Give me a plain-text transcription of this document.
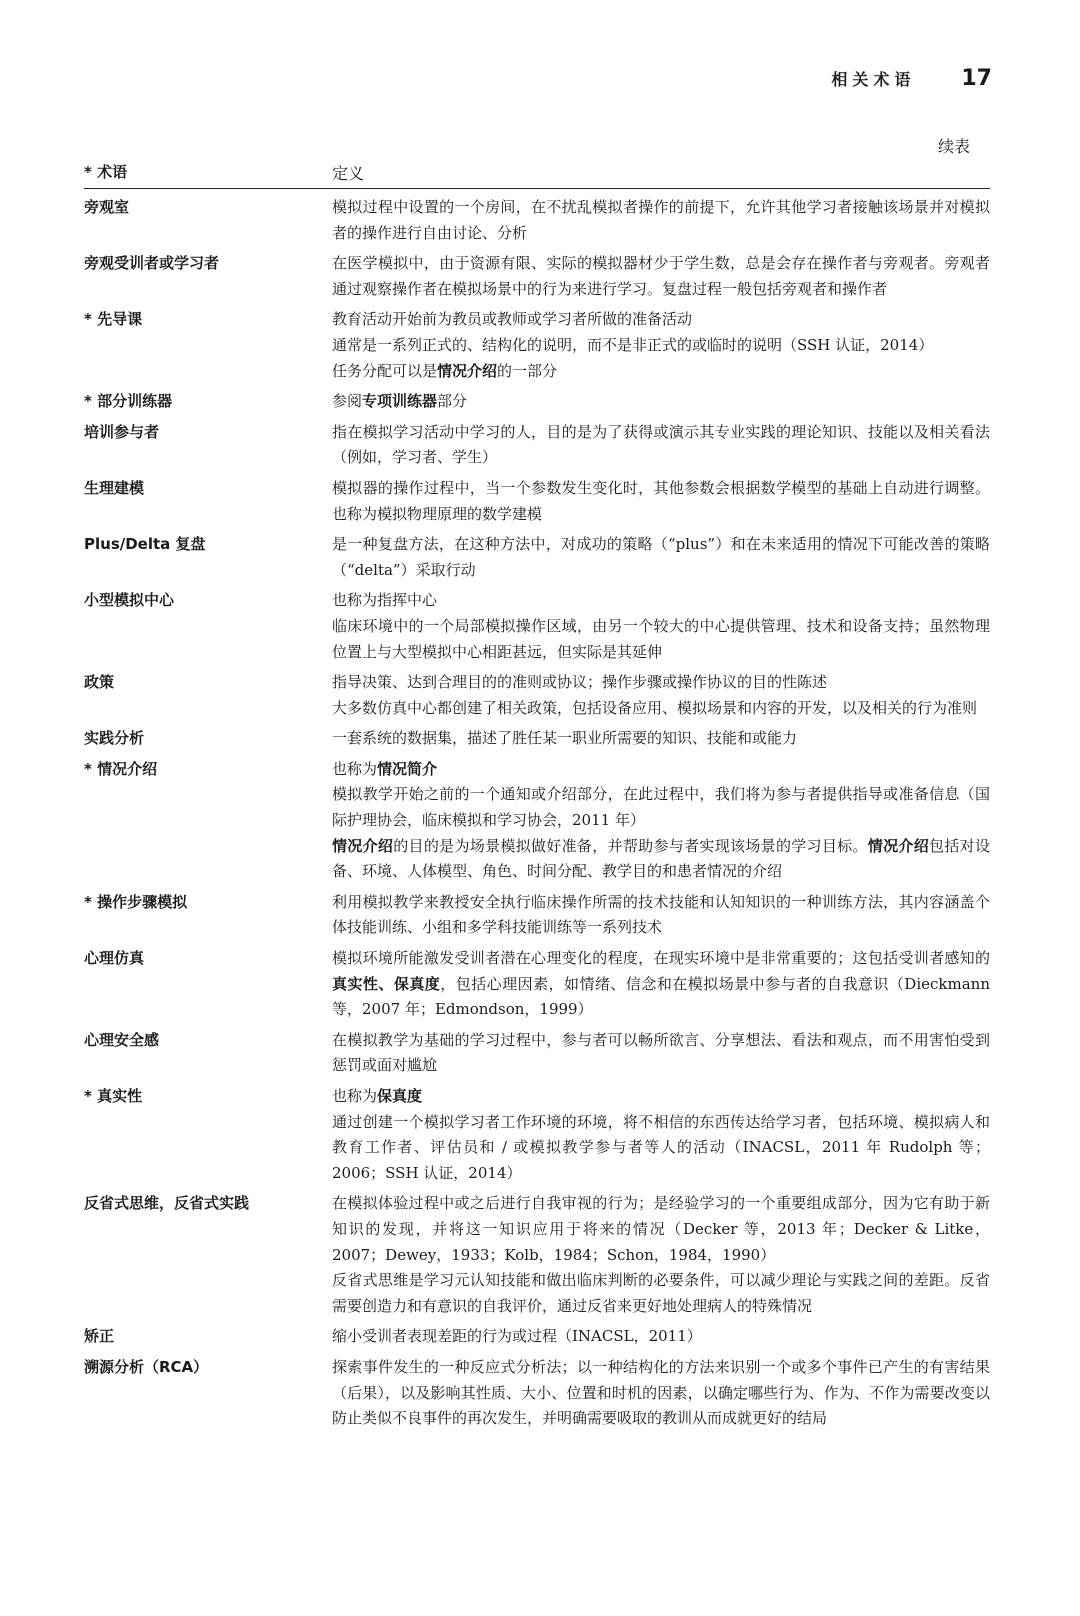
相关术语 17
续表
* 术语	定义
旁观室	模拟过程中设置的一个房间，在不扰乱模拟者操作的前提下，允许其他学习者接触该场景并对模拟者的操作进行自由讨论、分析

旁观受训者或学习者	在医学模拟中，由于资源有限、实际的模拟器材少于学生数，总是会存在操作者与旁观者。旁观者通过观察操作者在模拟场景中的行为来进行学习。复盘过程一般包括旁观者和操作者

* 先导课	教育活动开始前为教员或教师或学习者所做的准备活动

通常是一系列正式的、结构化的说明，而不是非正式的或临时的说明（SSH 认证，2014）

任务分配可以是情况介绍的一部分

* 部分训练器	参阅专项训练器部分

培训参与者	指在模拟学习活动中学习的人，目的是为了获得或演示其专业实践的理论知识、技能以及相关看法（例如，学习者、学生）

生理建模	模拟器的操作过程中，当一个参数发生变化时，其他参数会根据数学模型的基础上自动进行调整。也称为模拟物理原理的数学建模

Plus/Delta 复盘	是一种复盘方法，在这种方法中，对成功的策略（“plus”）和在未来适用的情况下可能改善的策略（“delta”）采取行动

小型模拟中心	也称为指挥中心

临床环境中的一个局部模拟操作区域，由另一个较大的中心提供管理、技术和设备支持；虽然物理位置上与大型模拟中心相距甚远，但实际是其延伸

政策	指导决策、达到合理目的的准则或协议；操作步骤或操作协议的目的性陈述

大多数仿真中心都创建了相关政策，包括设备应用、模拟场景和内容的开发，以及相关的行为准则

实践分析	一套系统的数据集，描述了胜任某一职业所需要的知识、技能和或能力

* 情况介绍	也称为情况简介

模拟教学开始之前的一个通知或介绍部分，在此过程中，我们将为参与者提供指导或准备信息（国际护理协会，临床模拟和学习协会，2011 年）

情况介绍的目的是为场景模拟做好准备，并帮助参与者实现该场景的学习目标。情况介绍包括对设备、环境、人体模型、角色、时间分配、教学目的和患者情况的介绍

* 操作步骤模拟	利用模拟教学来教授安全执行临床操作所需的技术技能和认知知识的一种训练方法，其内容涵盖个体技能训练、小组和多学科技能训练等一系列技术

心理仿真	模拟环境所能激发受训者潜在心理变化的程度，在现实环境中是非常重要的；这包括受训者感知的真实性、保真度，包括心理因素，如情绪、信念和在模拟场景中参与者的自我意识（Dieckmann 等，2007 年；Edmondson，1999）

心理安全感	在模拟教学为基础的学习过程中，参与者可以畅所欲言、分享想法、看法和观点，而不用害怕受到惩罚或面对尴尬

* 真实性	也称为保真度

通过创建一个模拟学习者工作环境的环境，将不相信的东西传达给学习者，包括环境、模拟病人和教育工作者、评估员和 / 或模拟教学参与者等人的活动（INACSL，2011 年 Rudolph 等；2006；SSH 认证，2014）

反省式思维，反省式实践	在模拟体验过程中或之后进行自我审视的行为；是经验学习的一个重要组成部分，因为它有助于新知识的发现，并将这一知识应用于将来的情况（Decker 等，2013 年；Decker & Litke，2007；Dewey，1933；Kolb，1984；Schon，1984，1990）

反省式思维是学习元认知技能和做出临床判断的必要条件，可以减少理论与实践之间的差距。反省需要创造力和有意识的自我评价，通过反省来更好地处理病人的特殊情况

矫正	缩小受训者表现差距的行为或过程（INACSL，2011）

溯源分析（RCA）	探索事件发生的一种反应式分析法；以一种结构化的方法来识别一个或多个事件已产生的有害结果（后果），以及影响其性质、大小、位置和时机的因素，以确定哪些行为、作为、不作为需要改变以防止类似不良事件的再次发生，并明确需要吸取的教训从而成就更好的结局
